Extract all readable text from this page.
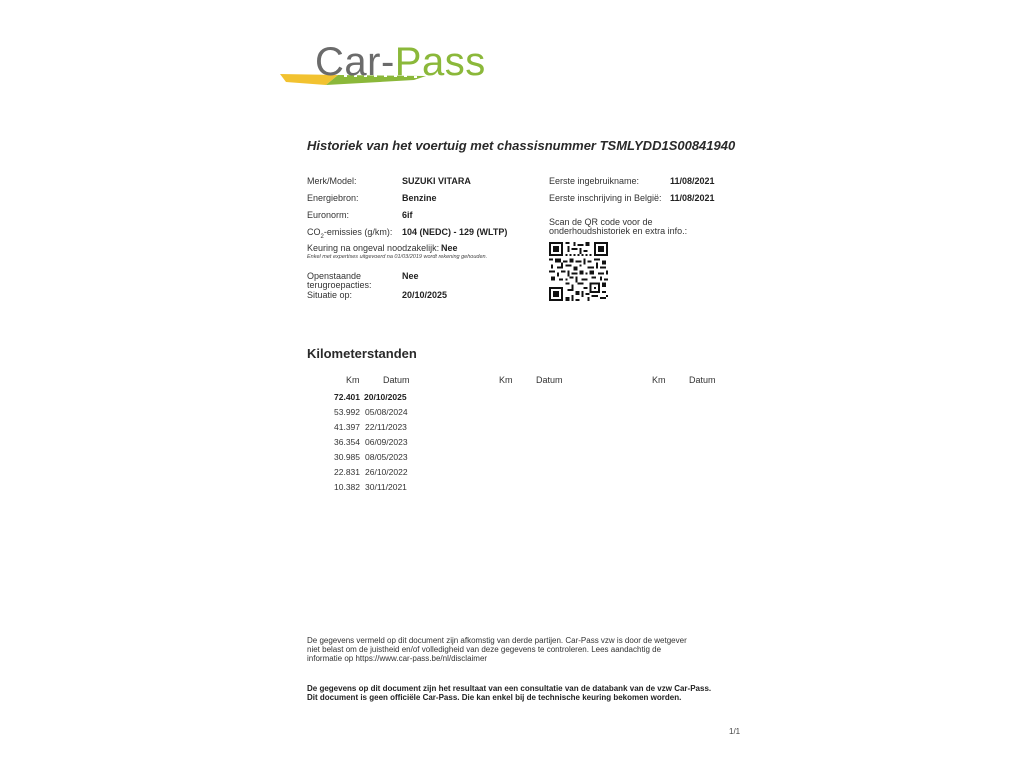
Car-Pass
Historiek van het voertuig met chassisnummer TSMLYDD1S00841940
Merk/Model:	SUZUKI VITARA
Energiebron:	Benzine
Euronorm:	6if
$CO_2$-emissies (g/km): 104 (NEDC) - 129 (WLTP)
Keuring na ongeval noodzakelijk: Nee
Enkel met expertises uitgevoerd na 01/03/2019 wordt rekening gehouden.
Openstaande
terugroepacties:
Nee
Situatie op:	20/10/2025
Eerste ingebruikname:	11/08/2021
Eerste inschrijving in België: 11/08/2021
Scan de QR code voor de
onderhoudshistoriek en extra info.:
Kilometerstanden
Km	Datum	Km	Datum	Km	Datum
72.401 20/10/2025
53.992 05/08/2024
41.397 22/11/2023
36.354 06/09/2023
30.985 08/05/2023
22.831 26/10/2022
10.382 30/11/2021
De gegevens vermeld op dit document zijn afkomstig van derde partijen. Car-Pass vzw is door de wetgever
niet belast om de juistheid en/of volledigheid van deze gegevens te controleren. Lees aandachtig de
informatie op https://www.car-pass.be/nl/disclaimer
De gegevens op dit document zijn het resultaat van een consultatie van de databank van de vzw Car-Pass.
Dit document is geen officiële Car-Pass. Die kan enkel bij de technische keuring bekomen worden.
1/1
